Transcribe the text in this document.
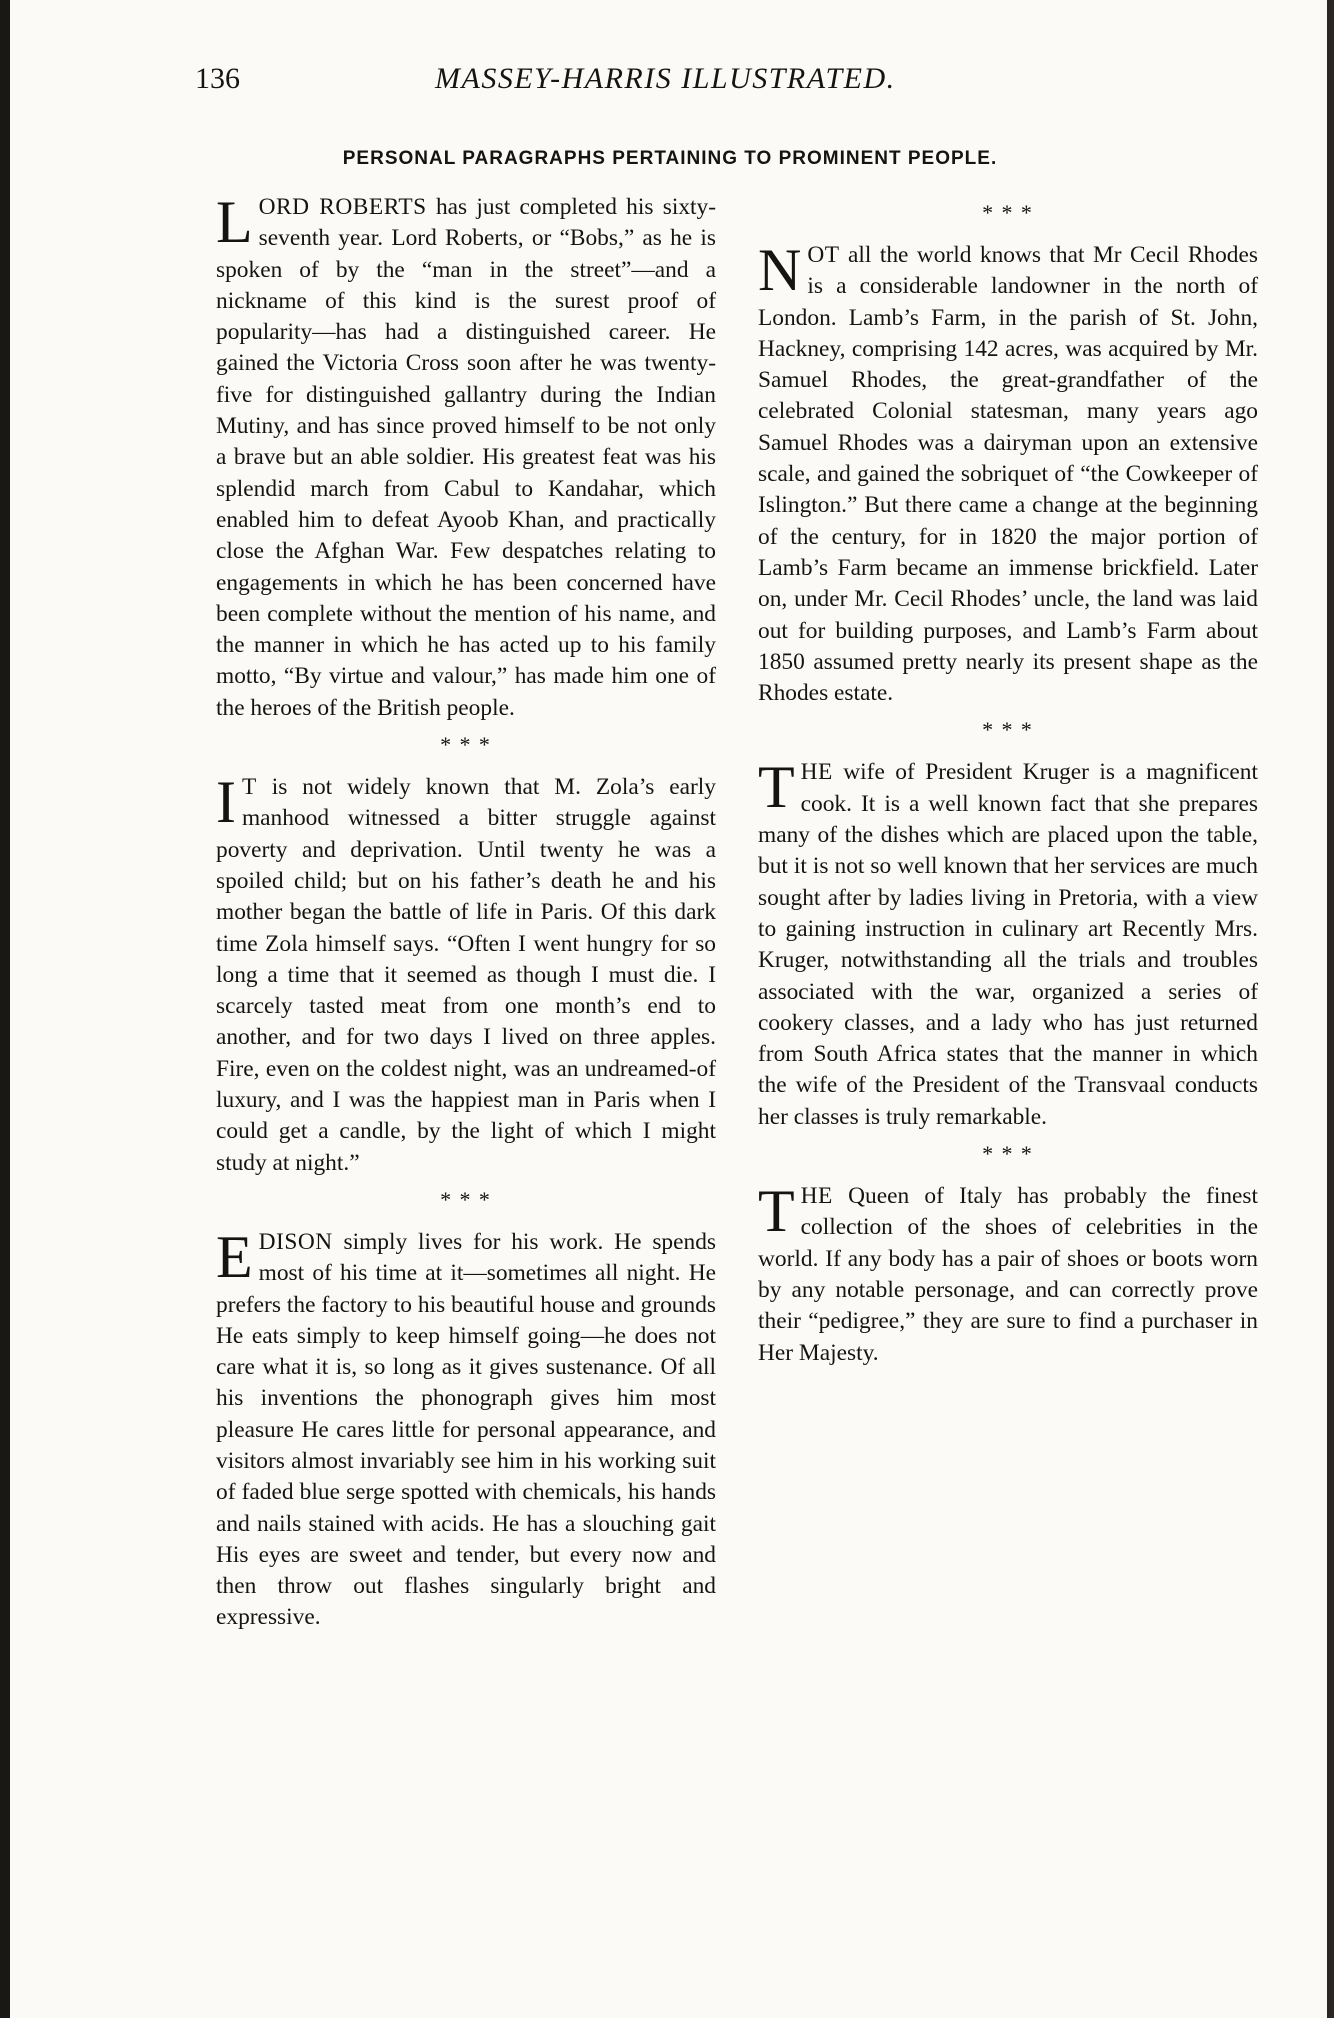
136	MASSEY-HARRIS ILLUSTRATED.
PERSONAL PARAGRAPHS PERTAINING TO PROMINENT PEOPLE.

LORD ROBERTS has just completed his sixty-seventh year. Lord Roberts, or “Bobs,” as he is spoken of by the “man in the street”—and a nickname of this kind is the surest proof of popularity—has had a distinguished career. He gained the Victoria Cross soon after he was twenty-five for distinguished gallantry during the Indian Mutiny, and has since proved himself to be not only a brave but an able soldier. His greatest feat was his splendid march from Cabul to Kandahar, which enabled him to defeat Ayoob Khan, and practically close the Afghan War. Few despatches relating to engagements in which he has been concerned have been complete without the mention of his name, and the manner in which he has acted up to his family motto, “By virtue and valour,” has made him one of the heroes of the British people.

* * *

I T is not widely known that M. Zola’s early manhood witnessed a bitter struggle against poverty and deprivation. Until twenty he was a spoiled child; but on his father’s death he and his mother began the battle of life in Paris. Of this dark time Zola himself says. “Often I went hungry for so long a time that it seemed as though I must die. I scarcely tasted meat from one month’s end to another, and for two days I lived on three apples. Fire, even on the coldest night, was an undreamed-of luxury, and I was the happiest man in Paris when I could get a candle, by the light of which I might study at night.”

* * *

EDISON simply lives for his work. He spends most of his time at it—sometimes all night. He prefers the factory to his beautiful house and grounds He eats simply to keep himself going—he does not care what it is, so long as it gives sustenance. Of all his inventions the phonograph gives him most pleasure He cares little for personal appearance, and visitors almost invariably see him in his working suit of faded blue serge spotted with chemicals, his hands and nails stained with acids. He has a slouching gait His eyes are sweet and tender, but every now and then throw out flashes singularly bright and expressive.

* * *

NOT all the world knows that Mr Cecil Rhodes is a considerable landowner in the north of London. Lamb’s Farm, in the parish of St. John, Hackney, comprising 142 acres, was acquired by Mr. Samuel Rhodes, the great-grandfather of the celebrated Colonial statesman, many years ago Samuel Rhodes was a dairyman upon an extensive scale, and gained the sobriquet of “the Cowkeeper of Islington.” But there came a change at the beginning of the century, for in 1820 the major portion of Lamb’s Farm became an immense brickfield. Later on, under Mr. Cecil Rhodes’ uncle, the land was laid out for building purposes, and Lamb’s Farm about 1850 assumed pretty nearly its present shape as the Rhodes estate.

* * *

THE wife of President Kruger is a magnificent cook. It is a well known fact that she prepares many of the dishes which are placed upon the table, but it is not so well known that her services are much sought after by ladies living in Pretoria, with a view to gaining instruction in culinary art Recently Mrs. Kruger, notwithstanding all the trials and troubles associated with the war, organized a series of cookery classes, and a lady who has just returned from South Africa states that the manner in which the wife of the President of the Transvaal conducts her classes is truly remarkable.

* * *

THE Queen of Italy has probably the finest collection of the shoes of celebrities in the world. If any body has a pair of shoes or boots worn by any notable personage, and can correctly prove their “pedigree,” they are sure to find a purchaser in Her Majesty.
